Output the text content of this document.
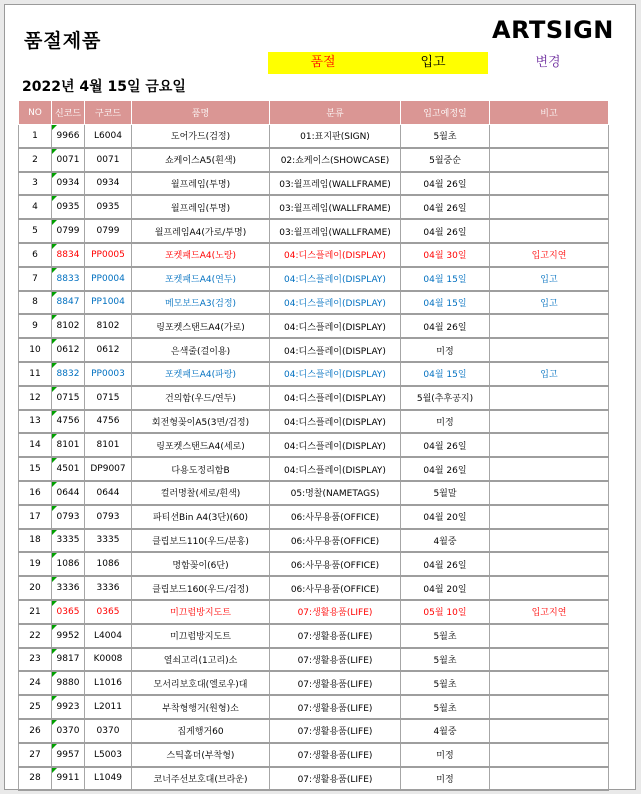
품절제품	ARTSIGN
품절	입고	변경
2022년 4월 15일 금요일
NO	신코드	구코드	품명	분류	입고예정일	비고
1	9966	L6004	도어가드(검정)	01:표지판(SIGN)	5월초	
2	0071	0071	쇼케이스A5(흰색)	02:쇼케이스(SHOWCASE)	5월중순	
3	0934	0934	월프레임(투명)	03:월프레임(WALLFRAME)	04월 26일	
4	0935	0935	월프레임(투명)	03:월프레임(WALLFRAME)	04월 26일	
5	0799	0799	월프레임A4(가로/투명)	03:월프레임(WALLFRAME)	04월 26일	
6	8834	PP0005	포켓패드A4(노랑)	04:디스플레이(DISPLAY)	04월 30일	입고지연
7	8833	PP0004	포켓패드A4(연두)	04:디스플레이(DISPLAY)	04월 15일	입고
8	8847	PP1004	메모보드A3(검정)	04:디스플레이(DISPLAY)	04월 15일	입고
9	8102	8102	링포켓스탠드A4(가로)	04:디스플레이(DISPLAY)	04월 26일	
10	0612	0612	은색줄(걸이용)	04:디스플레이(DISPLAY)	미정	
11	8832	PP0003	포켓패드A4(파랑)	04:디스플레이(DISPLAY)	04월 15일	입고
12	0715	0715	건의함(우드/연두)	04:디스플레이(DISPLAY)	5월(추후공지)	
13	4756	4756	회전형꽂이A5(3면/검정)	04:디스플레이(DISPLAY)	미정	
14	8101	8101	링포켓스탠드A4(세로)	04:디스플레이(DISPLAY)	04월 26일	
15	4501	DP9007	다용도정리함B	04:디스플레이(DISPLAY)	04월 26일	
16	0644	0644	컬러명찰(세로/흰색)	05:명찰(NAMETAGS)	5월말	
17	0793	0793	파티션Bin A4(3단)(60)	06:사무용품(OFFICE)	04월 20일	
18	3335	3335	클립보드110(우드/분홍)	06:사무용품(OFFICE)	4월중	
19	1086	1086	명함꽂이(6단)	06:사무용품(OFFICE)	04월 26일	
20	3336	3336	클립보드160(우드/검정)	06:사무용품(OFFICE)	04월 20일	
21	0365	0365	미끄럼방지도트	07:생활용품(LIFE)	05월 10일	입고지연
22	9952	L4004	미끄럼방지도트	07:생활용품(LIFE)	5월초	
23	9817	K0008	열쇠고리(1고리)소	07:생활용품(LIFE)	5월초	
24	9880	L1016	모서리보호대(엘로우)대	07:생활용품(LIFE)	5월초	
25	9923	L2011	부착형행거(원형)소	07:생활용품(LIFE)	5월초	
26	0370	0370	집게행거60	07:생활용품(LIFE)	4월중	
27	9957	L5003	스틱홀더(부착형)	07:생활용품(LIFE)	미정	
28	9911	L1049	코너주선보호대(브라운)	07:생활용품(LIFE)	미정	
